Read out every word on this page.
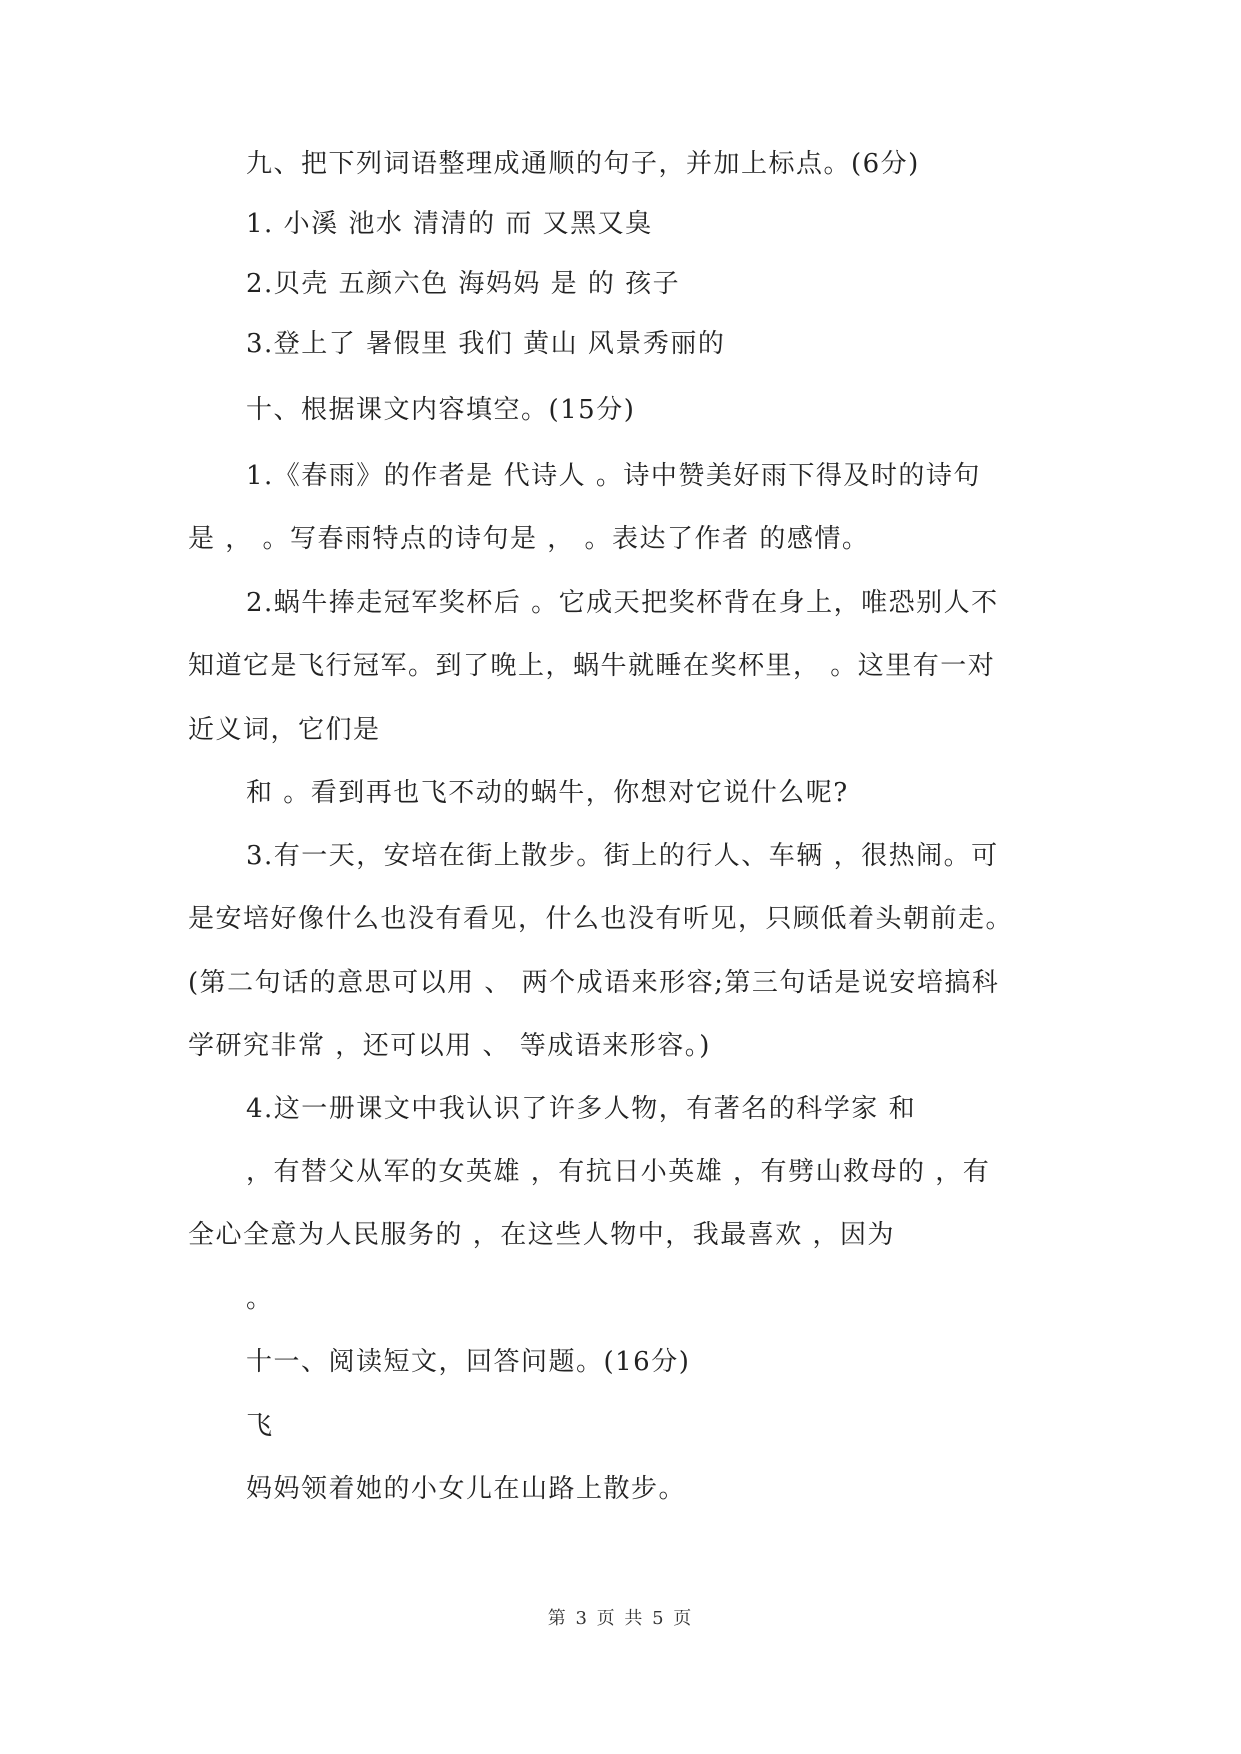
九、把下列词语整理成通顺的句子，并加上标点。(6分)
1. 小溪 池水 清清的 而 又黑又臭
2.贝壳 五颜六色 海妈妈 是 的 孩子
3.登上了 暑假里 我们 黄山 风景秀丽的
十、根据课文内容填空。(15分)
1.《春雨》的作者是 代诗人 。诗中赞美好雨下得及时的诗句
是 ， 。写春雨特点的诗句是 ， 。表达了作者 的感情。
2.蜗牛捧走冠军奖杯后 。它成天把奖杯背在身上，唯恐别人不
知道它是飞行冠军。到了晚上，蜗牛就睡在奖杯里， 。这里有一对
近义词，它们是
和 。看到再也飞不动的蜗牛，你想对它说什么呢?
3.有一天，安培在街上散步。街上的行人、车辆 ，很热闹。可
是安培好像什么也没有看见，什么也没有听见，只顾低着头朝前走。
(第二句话的意思可以用 、 两个成语来形容;第三句话是说安培搞科
学研究非常 ，还可以用 、 等成语来形容。)
4.这一册课文中我认识了许多人物，有著名的科学家 和
，有替父从军的女英雄 ，有抗日小英雄 ，有劈山救母的 ，有
全心全意为人民服务的 ，在这些人物中，我最喜欢 ，因为
。
十一、阅读短文，回答问题。(16分)
飞
妈妈领着她的小女儿在山路上散步。
第 3 页 共 5 页
